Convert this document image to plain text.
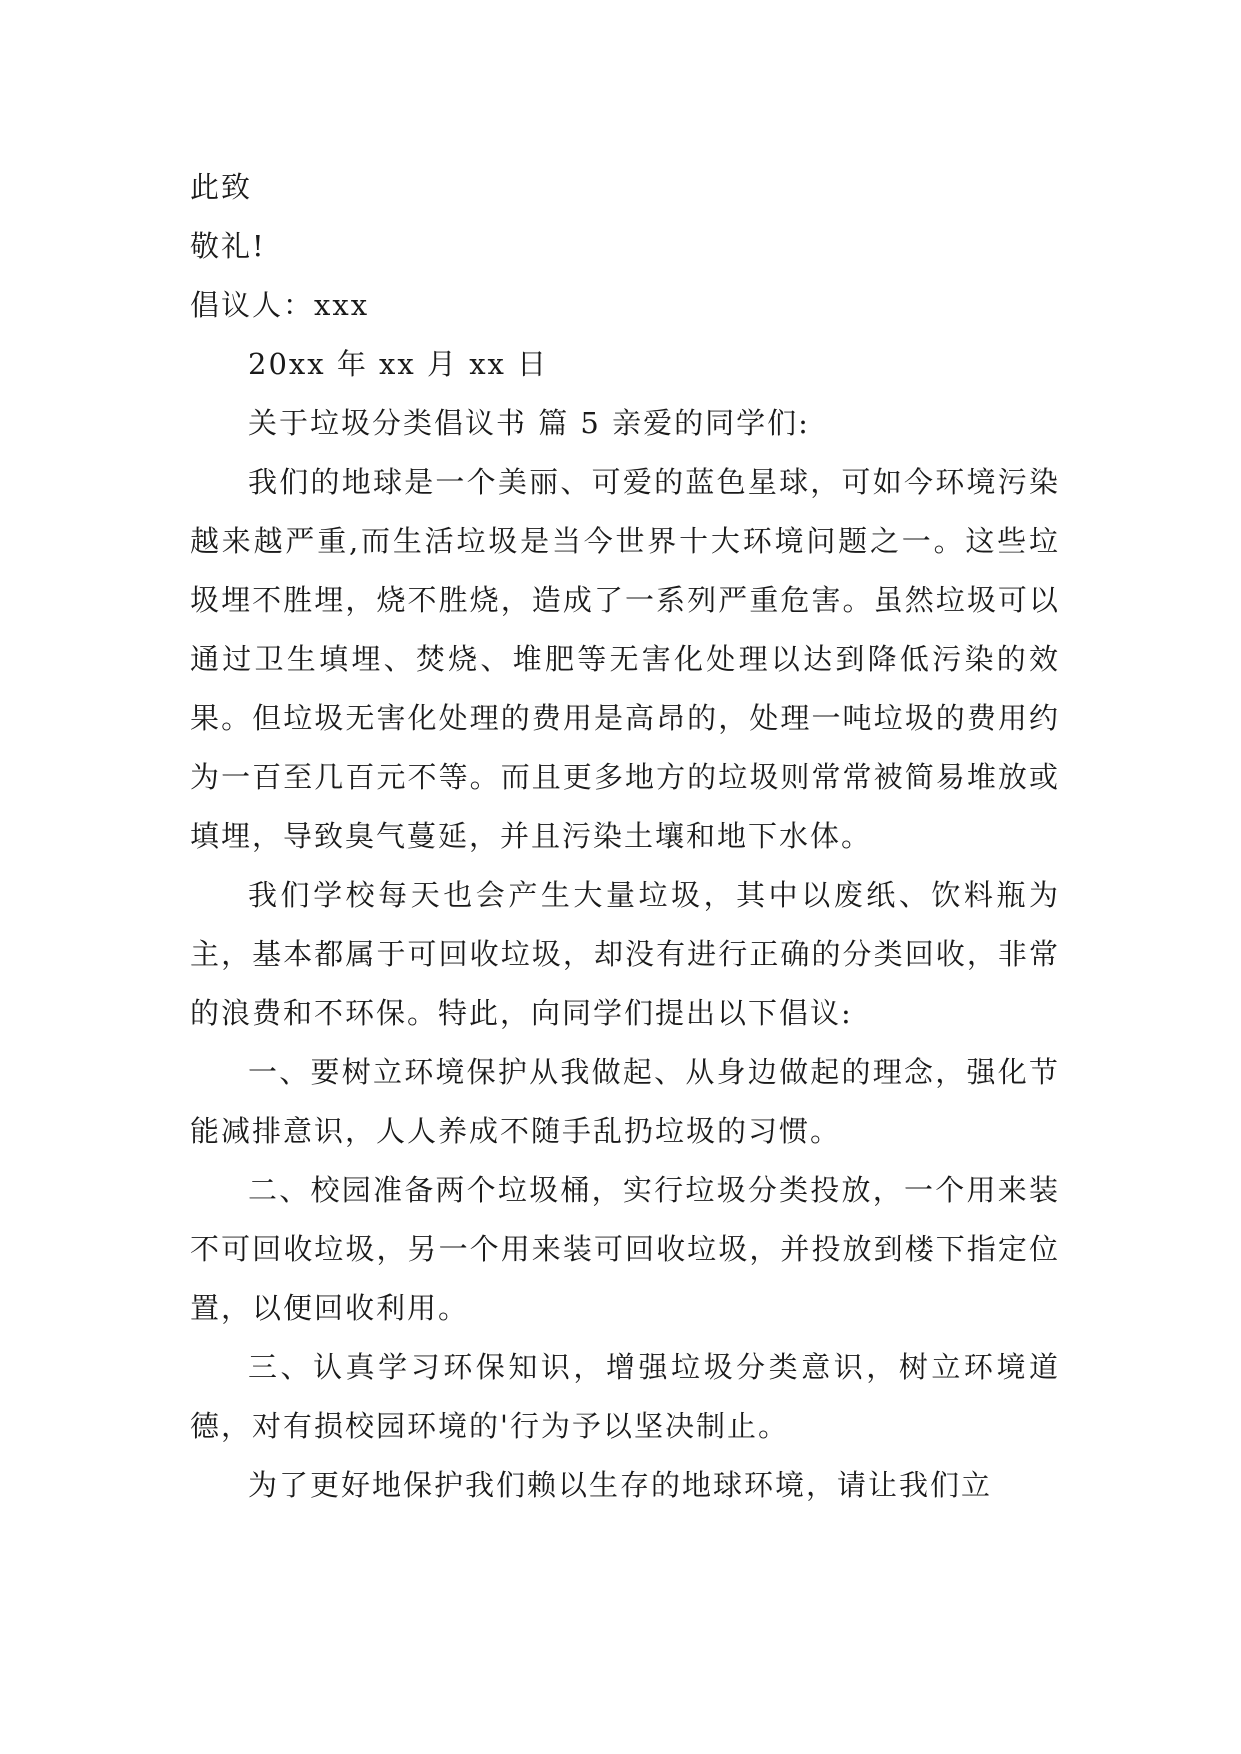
此致

敬礼!

倡议人：xxx

20xx 年 xx 月 xx 日

关于垃圾分类倡议书 篇 5 亲爱的同学们:

我们的地球是一个美丽、可爱的蓝色星球，可如今环境污染越来越严重,而生活垃圾是当今世界十大环境问题之一。这些垃圾埋不胜埋，烧不胜烧，造成了一系列严重危害。虽然垃圾可以通过卫生填埋、焚烧、堆肥等无害化处理以达到降低污染的效果。但垃圾无害化处理的费用是高昂的，处理一吨垃圾的费用约为一百至几百元不等。而且更多地方的垃圾则常常被简易堆放或填埋，导致臭气蔓延，并且污染土壤和地下水体。

我们学校每天也会产生大量垃圾，其中以废纸、饮料瓶为主，基本都属于可回收垃圾，却没有进行正确的分类回收，非常的浪费和不环保。特此，向同学们提出以下倡议:

一、要树立环境保护从我做起、从身边做起的理念，强化节能减排意识，人人养成不随手乱扔垃圾的习惯。

二、校园准备两个垃圾桶，实行垃圾分类投放，一个用来装不可回收垃圾，另一个用来装可回收垃圾，并投放到楼下指定位置，以便回收利用。

三、认真学习环保知识，增强垃圾分类意识，树立环境道德，对有损校园环境的'行为予以坚决制止。

为了更好地保护我们赖以生存的地球环境，请让我们立
